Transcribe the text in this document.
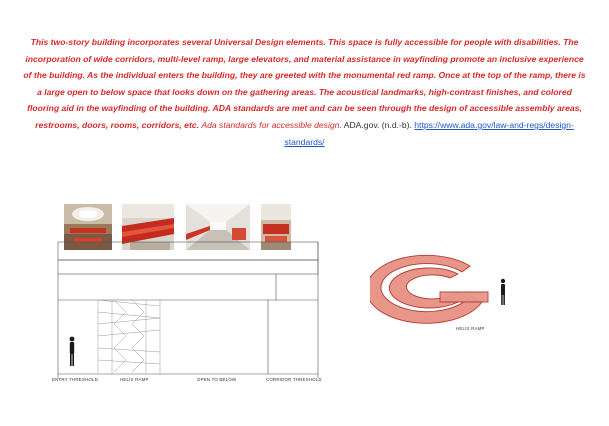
This two-story building incorporates several Universal Design elements. This space is fully accessible for people with disabilities. The incorporation of wide corridors, multi-level ramp, large elevators, and material assistance in wayfinding promote an inclusive experience of the building. As the individual enters the building, they are greeted with the monumental red ramp. Once at the top of the ramp, there is a large open to below space that looks down on the gathering areas. The acoustical landmarks, high-contrast finishes, and colored flooring aid in the wayfinding of the building. ADA standards are met and can be seen through the design of accessible assembly areas, restrooms, doors, rooms, corridors, etc. Ada standards for accessible design. ADA.gov. (n.d.-b). https://www.ada.gov/law-and-regs/design-standards/

ENTRY THRESHOLD	HELIX RAMP	OPEN TO BELOW	CORRIDOR THRESHOLD
HELIX RAMP
